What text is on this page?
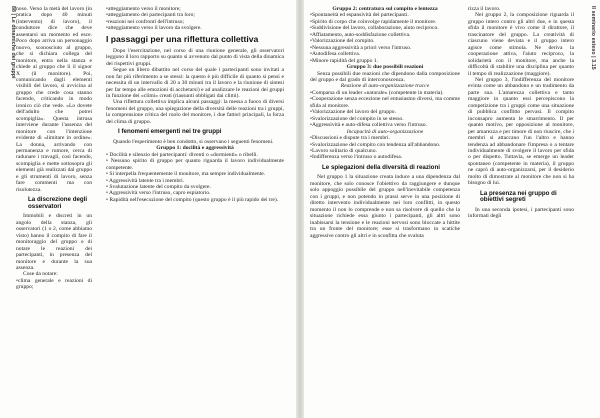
88 | Le dinamiche dei gruppi noso. Verso la metà del lavoro (in pratica dopo 40 minuti (intervento) di lavoro), il conduttore dice che deve assentarsi un momento ed esce. Poco dopo arriva un personaggio nuovo, sconosciuto al gruppo, che si dichiara collega del monitore, entra nella stanza e chiede al gruppo che lì il signor X (il monitore). Poi, comunicando dagli elementi visibili del lavoro, si avvicina al gruppo che crede cosa stanno facendo, criticando in modo ironico ciò che vede. «Lo dovete dell'adulto che potrei scompiglia». Questa intrusa interviene durante l'assenza del monitore con l'intenzione evidente di «limitare in ordine». La donna, arrivando con permanenza e rumore, cerca di radunare i travagli, così facendo, scompiglia e mette sottosopra gli elementi già realizzati dal gruppo e gli strumenti di lavoro, senza fare commenti ma con risolutezza.

La discrezione degli osservatori

Immobili e discreti in un angolo della stanza, gli osservatori (1 o 2, come abbiamo visto) hanno il compito di fare il monitoraggio del gruppo e di notare le reazioni dei partecipanti, in presenza del monitore e durante la sua assenza.

Cose da notare:

•clima generale e reazioni di gruppo;

•atteggiamento verso il monitore;

•atteggiamento dei partecipanti tra loro;

•reazioni nei confronti dell'intruso;

•atteggiamento verso il lavoro da svolgere.

I passaggi per una riflettura collettiva

Dopo l'esercitazione, nel corso di una riunione generale, gli osservatori leggono il loro rapporto su quanto si avvenuto dal punto di vista della dinamica dei rispettivi gruppi.

Segue un libero dibattito nel corso del quale i partecipanti sono invitati a non far più riferimento a se stessi: la questo è più difficile di quanto si pensi e necessita di un intervallo di 20 a 30 minuti tra il lavoro e la riunione di sintesi per far tempo alle emozioni di acchetarsi) e ad analizzare le reazioni dei gruppi in funzione dei «climi» creati (riassunti obbligati dai climi).

Una riflettura collettiva implica alcuni passaggi: la messa a fuoco di diversi fenomeni del gruppo, una spiegazione della diversità delle reazioni tra i gruppi, la comprensione critica del ruolo del monitore, i due fattori principali, la forza del clima di gruppo.

I fenomeni emergenti nei tre gruppi

Quando l'esperimento è ben condotto, si osservano i seguenti fenomeni.

Gruppo 1: docilità e aggressività

• Docilità e silenzio dei partecipanti: diventi o «dormienti» o ribelli.

• Nessuno spirito di gruppo per quanto riguarda il lavoro individualmente competente.

• Si interpella frequentemente il monitore, ma sempre individualmente.

• Aggressività latente tra i membri.

• Svalutazione latente del compito da svolgere.

• Aggressività verso l'intruso, capro espiatorio.

• Rapidità nell'esecuzione del compito (questo gruppo è il più rapido dei tre).

Il seminario esteso | 3.15

Gruppo 2: centratura sul compito e lentezza

•Spontaneità ed espansività dei partecipanti.

•Spirito di corpo che coinvolge rapidamente il monitore.

•Suddivisione del lavoro, collaborazione, aiuto reciproco.

•Affiatamento, auto-soddisfazione collettiva.

•Valorizzazione del compito.

•Nessuna aggressività a priori verso l'intruso.

•Autodifesa collettiva.

•Minore rapidità del gruppo 1.

Gruppo 3: due possibili reazioni

Senza possibili due reazioni che dipendono dalla composizione del gruppo e dal grado di interconoscenza.

Reazione di auto-organizzazione tracce

•Comparsa di un leader «naturale» (competente in materia).

•Cooperazione senza eccezione nel entusiasmo diversi, ma comme sfida al monitore.

•Valorizzazione del lavoro del gruppo.

•Svalorizzazione del compito in se stesso.

•Aggressività e auto-difesa collettiva verso l'intruso.

Incapacità di auto-organizzazione

•Discussioni e dispute tra i membri.

•Svalorizzazione del compito con tendenza all'abbandono.

•Lavoro solitario di qualcuno.

•Indifferenza verso l'intruso o autodifesa.

Le spiegazioni della diversità di reazioni

Nel gruppo 1 la situazione creata induce a una dipendenza dal monitore, che solo conosce l'obiettivo da raggiungere e dunque solo appoggio possibile del gruppo nell'inevitabile competenza con i gruppi, e non potendo in prassi serve in una posizione di diretto intervento individualmente nei loro conflitti, in questo momento il non lo comprende e non sa risolvere di quello che la situazione richiede essa giunto i partecipanti, gli altri sono inabissarsi la tensione e le reazioni nervosi sono bloccate a hittite tra un fronte del monitore; esse si trasformano in scatiche aggressive contro gli altri e in sconfitta che svaluta

rizza il lavoro.

Nel gruppo 2, la composizione riguarda il gruppo intero contro gli altri due, e in questa sfida il monitore è vivo come il dirattore, il trascinatore del gruppo. La creatività di ciascuno viene deviata e il gruppo intero agisce come stimola. Ne deriva la cooperazione attiva, l'aiuto reciproco, la solidarietà con il monitore, ma anche la difficoltà di stabilire una disciplina per quanto il tempo di realizzazione (maggiore).

Nel gruppo 3, l'indifferenza del monitore evinta come un abbandono e un tradimento da parte sua. L'amarezza collettiva e tanto maggiore in quanto essi percepiscono la competizione tra i gruppi come una situazione di pubblica conflitto pervasi. Il compito inconsapro aumenta le smarrimento. Il per quanto motivo, per opposizione al monitore, per amarezza e per timore di non riuscire, che i membri si attaccano l'un l'altro e hanno tendenza ad abbandonare l'impresa o a tentare individualmente di svolgere il lavoro per sfida o per dispetto. Tuttavia, se emerge un leader spontaneo (competente in materia), il gruppo ne caprò di auto-organizzarsi, per il desiderio molto di dimostrare al monitore che non si ha bisogno di lui.

La presenza nei gruppo di obiettivi segreti

In una seconda ipotesi, i partecipanti sono informati degli
